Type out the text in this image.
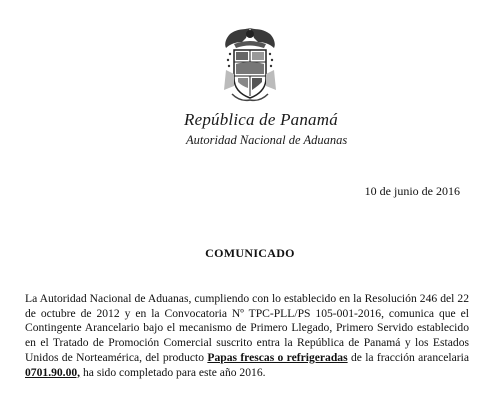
República de Panamá
Autoridad Nacional de Aduanas
10 de junio de 2016
COMUNICADO
La Autoridad Nacional de Aduanas, cumpliendo con lo establecido en la Resolución 246 del 22 de octubre de 2012 y en la Convocatoria Nº TPC-PLL/PS 105-001-2016, comunica que el Contingente Arancelario bajo el mecanismo de Primero Llegado, Primero Servido establecido en el Tratado de Promoción Comercial suscrito entra la República de Panamá y los Estados Unidos de Norteamérica, del producto Papas frescas o refrigeradas de la fracción arancelaria 0701.90.00, ha sido completado para este año 2016.
